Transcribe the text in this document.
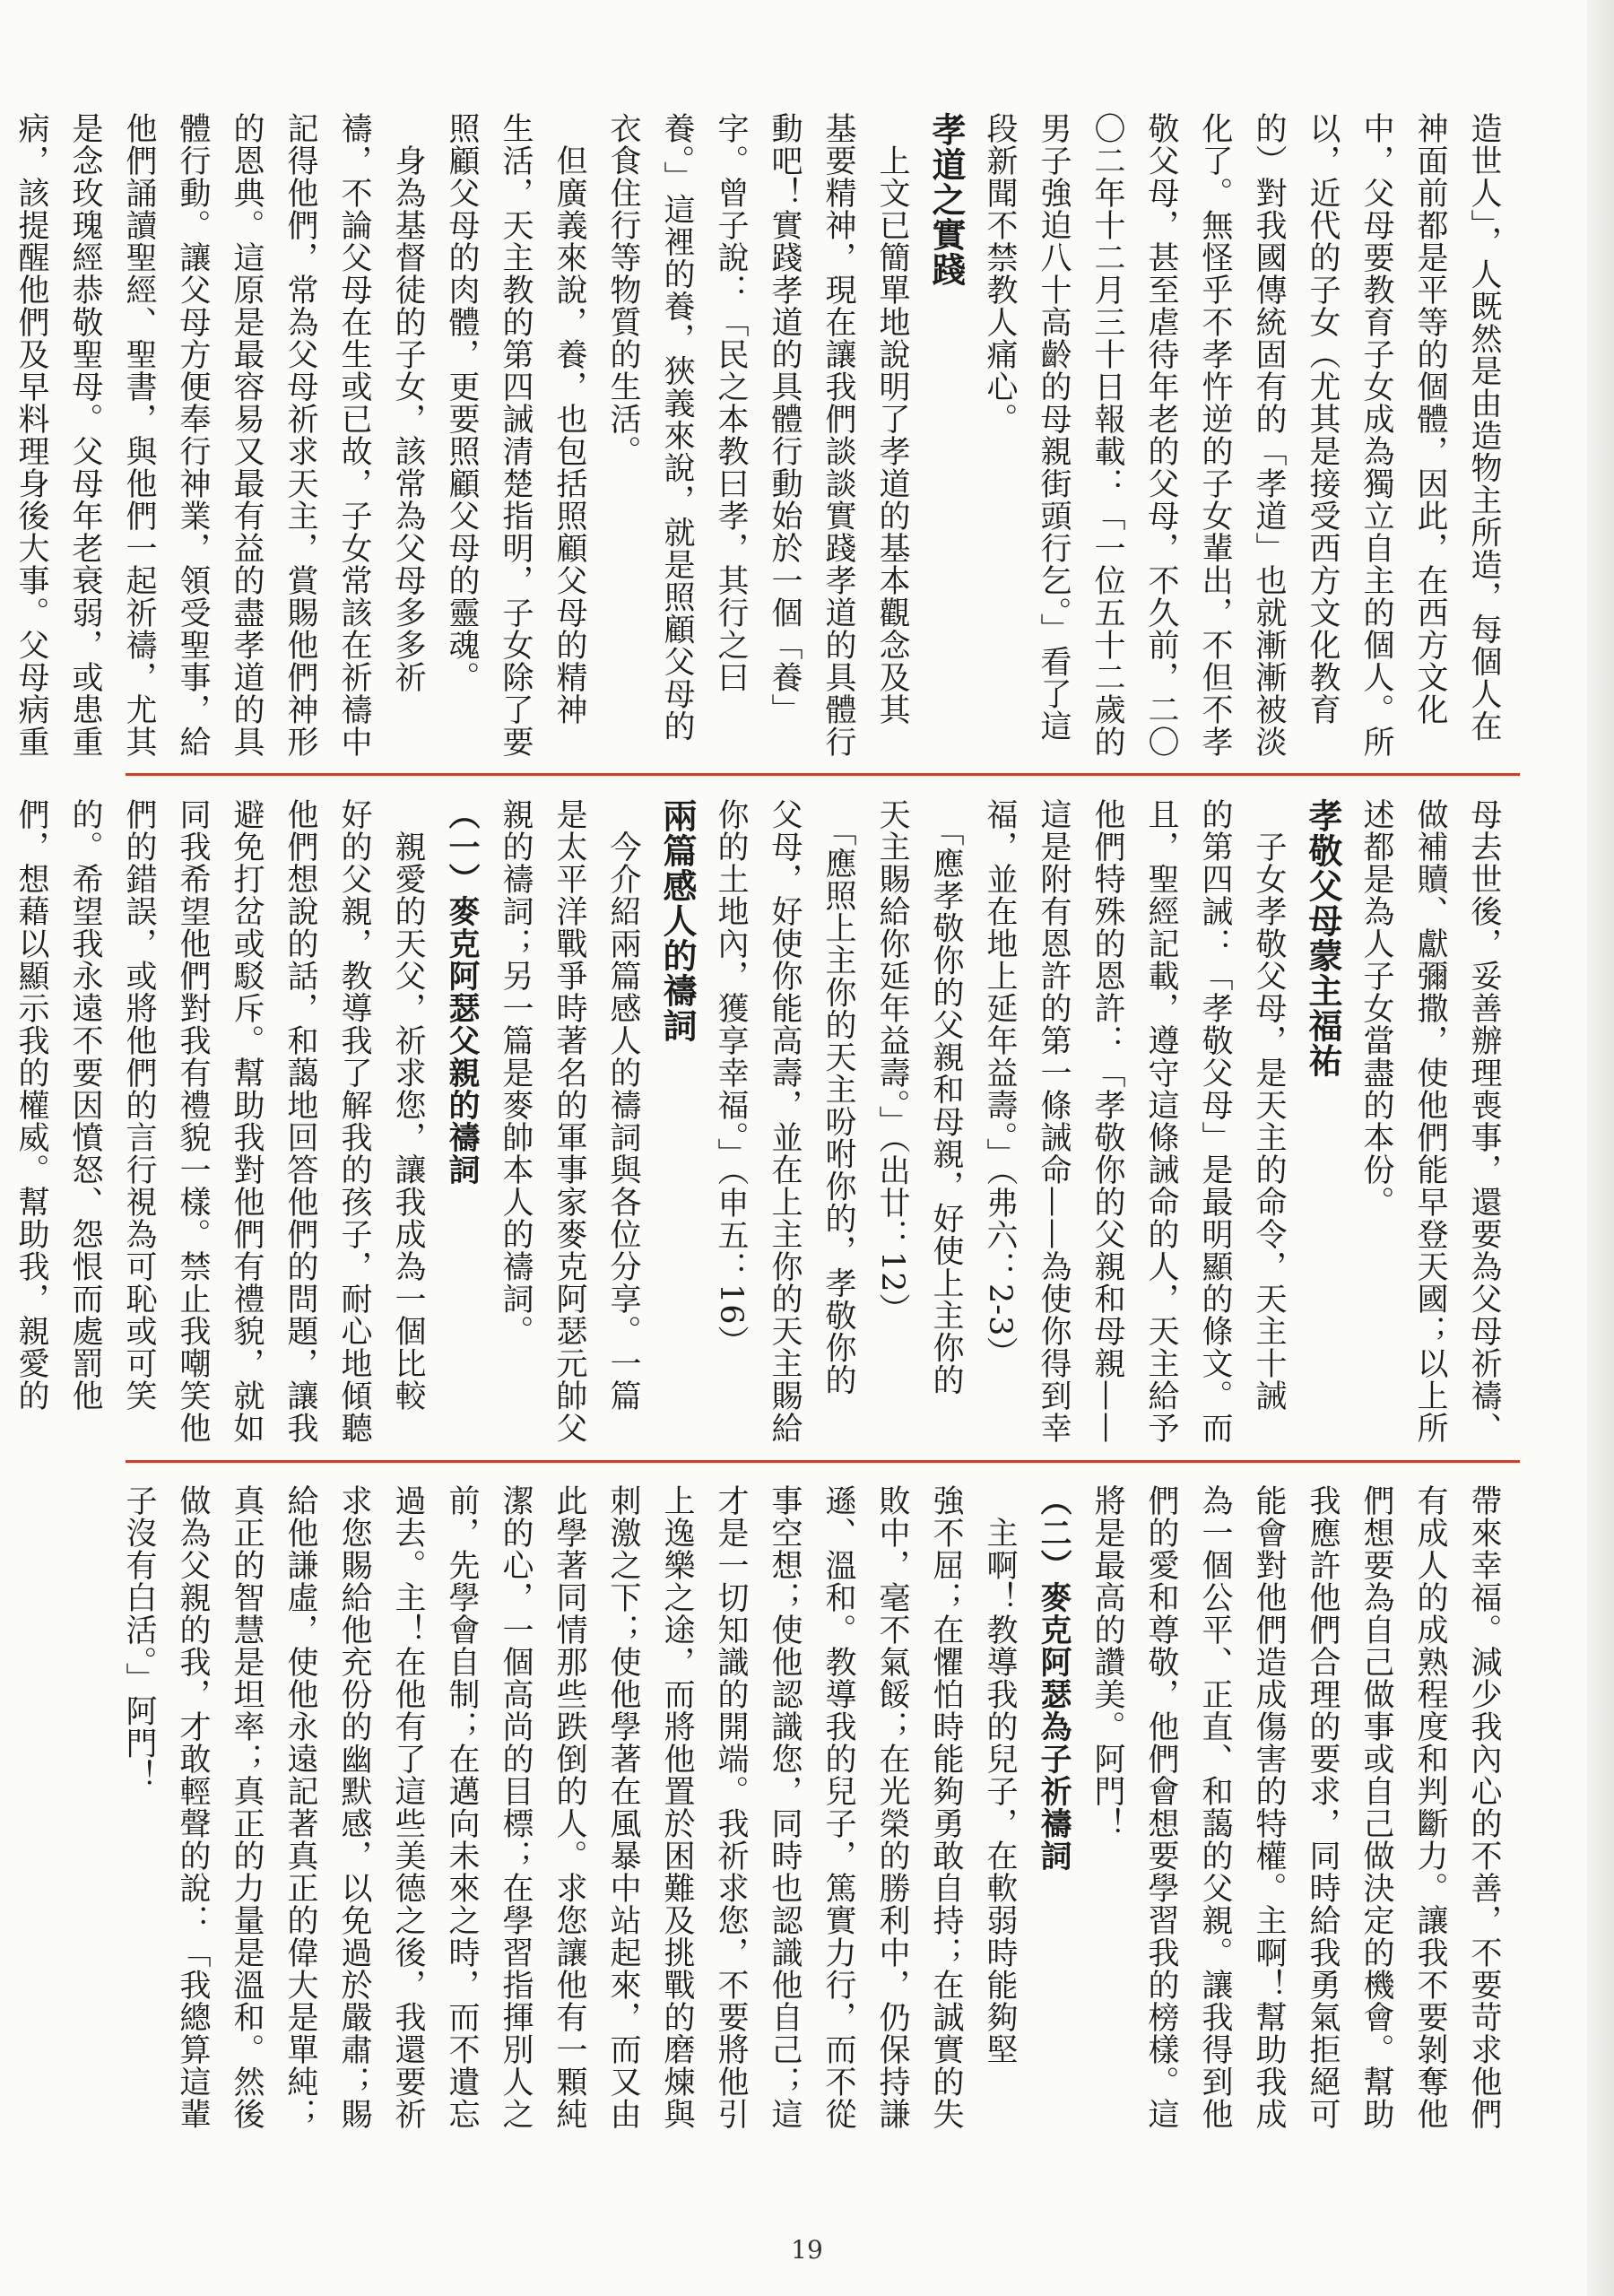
造世人」，人既然是由造物主所造，每個人在
神面前都是平等的個體，因此，在西方文化
中，父母要教育子女成為獨立自主的個人。所
以，近代的子女（尤其是接受西方文化教育
的）對我國傳統固有的「孝道」也就漸漸被淡
化了。無怪乎不孝忤逆的子女輩出，不但不孝
敬父母，甚至虐待年老的父母，不久前，二〇
〇二年十二月三十日報載：「一位五十二歲的
男子強迫八十高齡的母親街頭行乞。」看了這
段新聞不禁教人痛心。
孝道之實踐
　上文已簡單地說明了孝道的基本觀念及其
基要精神，現在讓我們談談實踐孝道的具體行
動吧！實踐孝道的具體行動始於一個「養」
字。曾子說：「民之本教曰孝，其行之曰
養。」這裡的養，狹義來說，就是照顧父母的
衣食住行等物質的生活。
　但廣義來說，養，也包括照顧父母的精神
生活，天主教的第四誡清楚指明，子女除了要
照顧父母的肉體，更要照顧父母的靈魂。
　身為基督徒的子女，該常為父母多多祈
禱，不論父母在生或已故，子女常該在祈禱中
記得他們，常為父母祈求天主，賞賜他們神形
的恩典。這原是最容易又最有益的盡孝道的具
體行動。讓父母方便奉行神業，領受聖事，給
他們誦讀聖經、聖書，與他們一起祈禱，尤其
是念玫瑰經恭敬聖母。父母年老衰弱，或患重
病，該提醒他們及早料理身後大事。父母病重
母去世後，妥善辦理喪事，還要為父母祈禱、
做補贖、獻彌撒，使他們能早登天國；以上所
述都是為人子女當盡的本份。
孝敬父母蒙主福祐
　子女孝敬父母，是天主的命令，天主十誡
的第四誡：「孝敬父母」是最明顯的條文。而
且，聖經記載，遵守這條誡命的人，天主給予
他們特殊的恩許：「孝敬你的父親和母親——
這是附有恩許的第一條誡命——為使你得到幸
福，並在地上延年益壽。」（弗六：2-3）
　「應孝敬你的父親和母親，好使上主你的
天主賜給你延年益壽。」（出廿：12）
　「應照上主你的天主吩咐你的，孝敬你的
父母，好使你能高壽，並在上主你的天主賜給
你的土地內，獲享幸福。」（申五：16）
兩篇感人的禱詞
　今介紹兩篇感人的禱詞與各位分享。一篇
是太平洋戰爭時著名的軍事家麥克阿瑟元帥父
親的禱詞；另一篇是麥帥本人的禱詞。
（一）麥克阿瑟父親的禱詞
　親愛的天父，祈求您，讓我成為一個比較
好的父親，教導我了解我的孩子，耐心地傾聽
他們想說的話，和藹地回答他們的問題，讓我
避免打岔或駁斥。幫助我對他們有禮貌，就如
同我希望他們對我有禮貌一樣。禁止我嘲笑他
們的錯誤，或將他們的言行視為可恥或可笑
的。希望我永遠不要因憤怒、怨恨而處罰他
們，想藉以顯示我的權威。幫助我，親愛的
帶來幸福。減少我內心的不善，不要苛求他們
有成人的成熟程度和判斷力。讓我不要剝奪他
們想要為自己做事或自己做決定的機會。幫助
我應許他們合理的要求，同時給我勇氣拒絕可
能會對他們造成傷害的特權。主啊！幫助我成
為一個公平、正直、和藹的父親。讓我得到他
們的愛和尊敬，他們會想要學習我的榜樣。這
將是最高的讚美。阿門！
（二）麥克阿瑟為子祈禱詞
　主啊！教導我的兒子，在軟弱時能夠堅
強不屈；在懼怕時能夠勇敢自持；在誠實的失
敗中，毫不氣餒；在光榮的勝利中，仍保持謙
遜、溫和。教導我的兒子，篤實力行，而不從
事空想；使他認識您，同時也認識他自己；這
才是一切知識的開端。我祈求您，不要將他引
上逸樂之途，而將他置於困難及挑戰的磨煉與
刺激之下；使他學著在風暴中站起來，而又由
此學著同情那些跌倒的人。求您讓他有一顆純
潔的心，一個高尚的目標；在學習指揮別人之
前，先學會自制；在邁向未來之時，而不遺忘
過去。主！在他有了這些美德之後，我還要祈
求您賜給他充份的幽默感，以免過於嚴肅；賜
給他謙虛，使他永遠記著真正的偉大是單純；
真正的智慧是坦率；真正的力量是溫和。然後
做為父親的我，才敢輕聲的說：「我總算這輩
子沒有白活。」阿門！
19
